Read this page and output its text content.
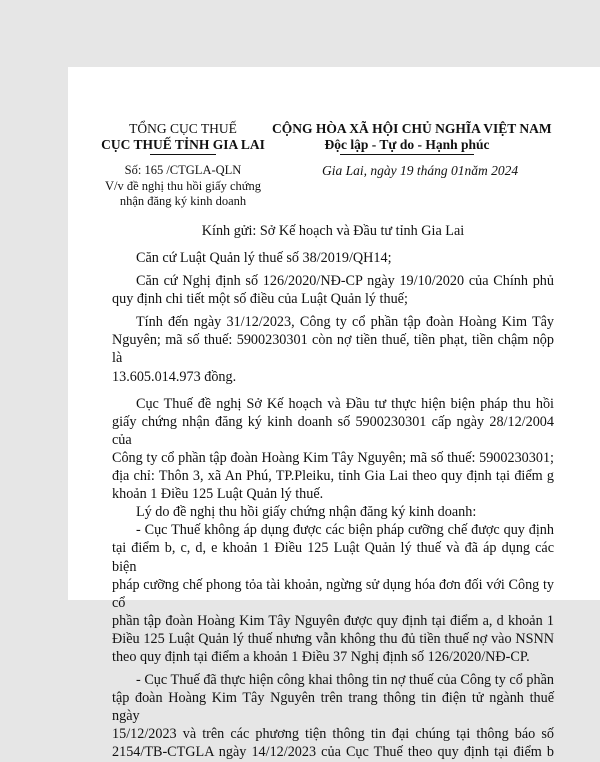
TỔNG CỤC THUẾ
CỤC THUẾ TỈNH GIA LAI
Số: 165 /CTGLA-QLN
V/v đề nghị thu hồi giấy chứng
nhận đăng ký kinh doanh
CỘNG HÒA XÃ HỘI CHỦ NGHĨA VIỆT NAM
Độc lập - Tự do - Hạnh phúc
Gia Lai, ngày 19 tháng 01năm 2024
Kính gửi: Sở Kế hoạch và Đầu tư tỉnh Gia Lai

Căn cứ Luật Quản lý thuế số 38/2019/QH14;

Căn cứ Nghị định số 126/2020/NĐ-CP ngày 19/10/2020 của Chính phủ

quy định chi tiết một số điều của Luật Quản lý thuế;

Tính đến ngày 31/12/2023, Công ty cổ phần tập đoàn Hoàng Kim Tây

Nguyên; mã số thuế: 5900230301 còn nợ tiền thuế, tiền phạt, tiền chậm nộp là

13.605.014.973 đồng.

Cục Thuế đề nghị Sở Kế hoạch và Đầu tư thực hiện biện pháp thu hồi

giấy chứng nhận đăng ký kinh doanh số 5900230301 cấp ngày 28/12/2004 của

Công ty cổ phần tập đoàn Hoàng Kim Tây Nguyên; mã số thuế: 5900230301;

địa chỉ: Thôn 3, xã An Phú, TP.Pleiku, tỉnh Gia Lai theo quy định tại điểm g

khoản 1 Điều 125 Luật Quản lý thuế.

Lý do đề nghị thu hồi giấy chứng nhận đăng ký kinh doanh:

- Cục Thuế không áp dụng được các biện pháp cưỡng chế được quy định

tại điểm b, c, d, e khoản 1 Điều 125 Luật Quản lý thuế và đã áp dụng các biện

pháp cưỡng chế phong tỏa tài khoản, ngừng sử dụng hóa đơn đối với Công ty cổ

phần tập đoàn Hoàng Kim Tây Nguyên được quy định tại điểm a, d khoản 1

Điều 125 Luật Quản lý thuế nhưng vẫn không thu đủ tiền thuế nợ vào NSNN

theo quy định tại điểm a khoản 1 Điều 37 Nghị định số 126/2020/NĐ-CP.

- Cục Thuế đã thực hiện công khai thông tin nợ thuế của Công ty cổ phần

tập đoàn Hoàng Kim Tây Nguyên trên trang thông tin điện tử ngành thuế ngày

15/12/2023 và trên các phương tiện thông tin đại chúng tại thông báo số

2154/TB-CTGLA ngày 14/12/2023 của Cục Thuế theo quy định tại điểm b
